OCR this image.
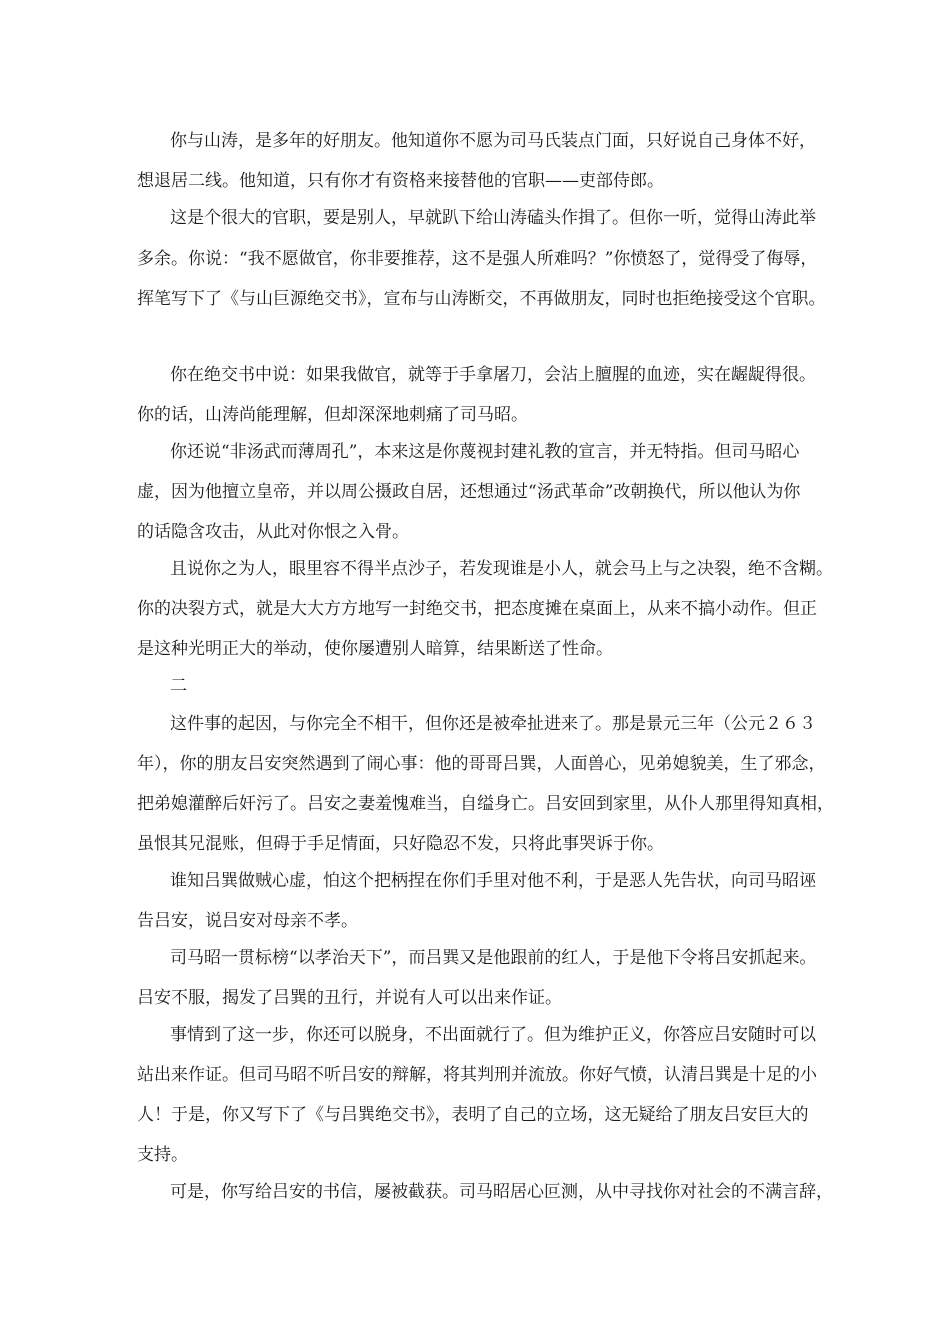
你与山涛，是多年的好朋友。他知道你不愿为司马氏装点门面，只好说自己身体不好，
想退居二线。他知道，只有你才有资格来接替他的官职——吏部侍郎。
这是个很大的官职，要是别人，早就趴下给山涛磕头作揖了。但你一听，觉得山涛此举
多余。你说：“我不愿做官，你非要推荐，这不是强人所难吗？”你愤怒了，觉得受了侮辱，
挥笔写下了《与山巨源绝交书》，宣布与山涛断交，不再做朋友，同时也拒绝接受这个官职。
你在绝交书中说：如果我做官，就等于手拿屠刀，会沾上膻腥的血迹，实在龌龊得很。
你的话，山涛尚能理解，但却深深地刺痛了司马昭。
你还说“非汤武而薄周孔”，本来这是你蔑视封建礼教的宣言，并无特指。但司马昭心
虚，因为他擅立皇帝，并以周公摄政自居，还想通过“汤武革命”改朝换代，所以他认为你
的话隐含攻击，从此对你恨之入骨。
且说你之为人，眼里容不得半点沙子，若发现谁是小人，就会马上与之决裂，绝不含糊。
你的决裂方式，就是大大方方地写一封绝交书，把态度摊在桌面上，从来不搞小动作。但正
是这种光明正大的举动，使你屡遭别人暗算，结果断送了性命。
二
这件事的起因，与你完全不相干，但你还是被牵扯进来了。那是景元三年（公元２６３
年），你的朋友吕安突然遇到了闹心事：他的哥哥吕巽，人面兽心，见弟媳貌美，生了邪念，
把弟媳灌醉后奸污了。吕安之妻羞愧难当，自缢身亡。吕安回到家里，从仆人那里得知真相，
虽恨其兄混账，但碍于手足情面，只好隐忍不发，只将此事哭诉于你。
谁知吕巽做贼心虚，怕这个把柄捏在你们手里对他不利，于是恶人先告状，向司马昭诬
告吕安，说吕安对母亲不孝。
司马昭一贯标榜“以孝治天下”，而吕巽又是他跟前的红人，于是他下令将吕安抓起来。
吕安不服，揭发了吕巽的丑行，并说有人可以出来作证。
事情到了这一步，你还可以脱身，不出面就行了。但为维护正义，你答应吕安随时可以
站出来作证。但司马昭不听吕安的辩解，将其判刑并流放。你好气愤，认清吕巽是十足的小
人！于是，你又写下了《与吕巽绝交书》，表明了自己的立场，这无疑给了朋友吕安巨大的
支持。
可是，你写给吕安的书信，屡被截获。司马昭居心叵测，从中寻找你对社会的不满言辞，
